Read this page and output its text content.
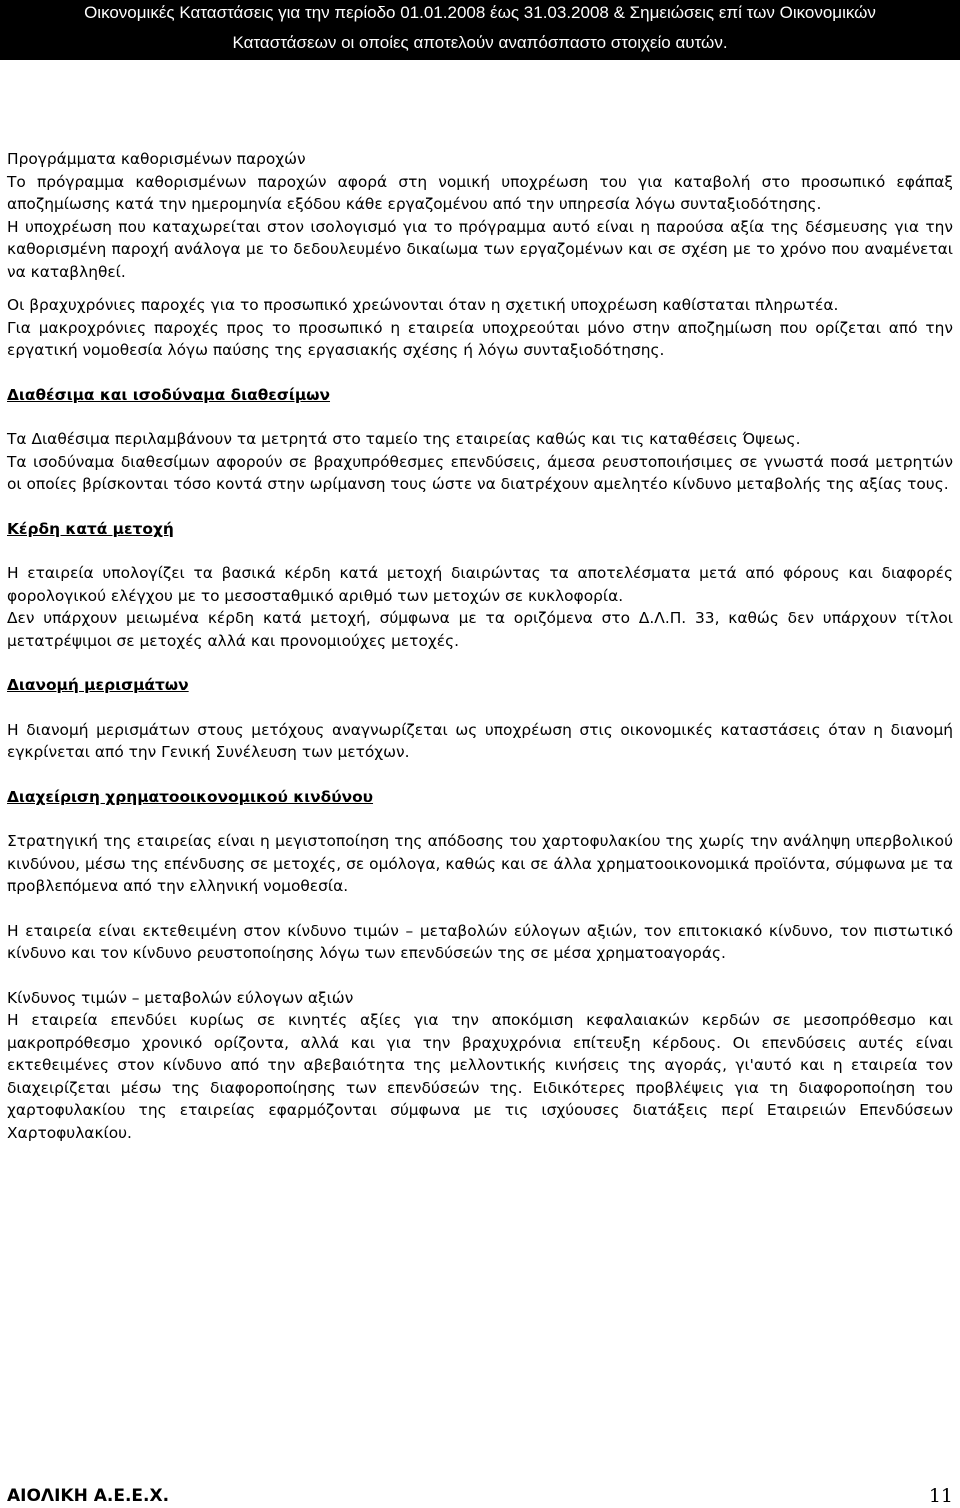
Οικονομικές Καταστάσεις για την περίοδο 01.01.2008 έως 31.03.2008 & Σημειώσεις επί των Οικονομικών
Καταστάσεων οι οποίες αποτελούν αναπόσπαστο στοιχείο αυτών.

Προγράμματα καθορισμένων παροχών

Το πρόγραμμα καθορισμένων παροχών αφορά στη νομική υποχρέωση του για καταβολή στο προσωπικό εφάπαξ αποζημίωσης κατά την ημερομηνία εξόδου κάθε εργαζομένου από την υπηρεσία λόγω συνταξιοδότησης.

Η υποχρέωση που καταχωρείται στον ισολογισμό για το πρόγραμμα αυτό είναι η παρούσα αξία της δέσμευσης για την καθορισμένη παροχή ανάλογα με το δεδουλευμένο δικαίωμα των εργαζομένων και σε σχέση με το χρόνο που αναμένεται να καταβληθεί.

Οι βραχυχρόνιες παροχές για το προσωπικό χρεώνονται όταν η σχετική υποχρέωση καθίσταται πληρωτέα.

Για μακροχρόνιες παροχές προς το προσωπικό η εταιρεία υποχρεούται μόνο στην αποζημίωση που ορίζεται από την εργατική νομοθεσία λόγω παύσης της εργασιακής σχέσης ή λόγω συνταξιοδότησης.

Διαθέσιμα και ισοδύναμα διαθεσίμων

Τα Διαθέσιμα περιλαμβάνουν τα μετρητά στο ταμείο της εταιρείας καθώς και τις καταθέσεις Όψεως.

Τα ισοδύναμα διαθεσίμων αφορούν σε βραχυπρόθεσμες επενδύσεις, άμεσα ρευστοποιήσιμες σε γνωστά ποσά μετρητών οι οποίες βρίσκονται τόσο κοντά στην ωρίμανση τους ώστε να διατρέχουν αμελητέο κίνδυνο μεταβολής της αξίας τους.

Κέρδη κατά μετοχή

Η εταιρεία υπολογίζει τα βασικά κέρδη κατά μετοχή διαιρώντας τα αποτελέσματα μετά από φόρους και διαφορές φορολογικού ελέγχου με το μεσοσταθμικό αριθμό των μετοχών σε κυκλοφορία.

Δεν υπάρχουν μειωμένα κέρδη κατά μετοχή, σύμφωνα με τα οριζόμενα στο Δ.Λ.Π. 33, καθώς δεν υπάρχουν τίτλοι μετατρέψιμοι σε μετοχές αλλά και προνομιούχες μετοχές.

Διανομή μερισμάτων

Η διανομή μερισμάτων στους μετόχους αναγνωρίζεται ως υποχρέωση στις οικονομικές καταστάσεις όταν η διανομή εγκρίνεται από την Γενική Συνέλευση των μετόχων.

Διαχείριση χρηματοοικονομικού κινδύνου

Στρατηγική της εταιρείας είναι η μεγιστοποίηση της απόδοσης του χαρτοφυλακίου της χωρίς την ανάληψη υπερβολικού κινδύνου, μέσω της επένδυσης σε μετοχές, σε ομόλογα, καθώς και σε άλλα χρηματοοικονομικά προϊόντα, σύμφωνα με τα προβλεπόμενα από την ελληνική νομοθεσία.

Η εταιρεία είναι εκτεθειμένη στον κίνδυνο τιμών – μεταβολών εύλογων αξιών, τον επιτοκιακό κίνδυνο, τον πιστωτικό κίνδυνο και τον κίνδυνο ρευστοποίησης λόγω των επενδύσεών της σε μέσα χρηματοαγοράς.

Κίνδυνος τιμών – μεταβολών εύλογων αξιών

Η εταιρεία επενδύει κυρίως σε κινητές αξίες για την αποκόμιση κεφαλαιακών κερδών σε μεσοπρόθεσμο και μακροπρόθεσμο χρονικό ορίζοντα, αλλά και για την βραχυχρόνια επίτευξη κέρδους. Οι επενδύσεις αυτές είναι εκτεθειμένες στον κίνδυνο από την αβεβαιότητα της μελλοντικής κινήσεις της αγοράς, γι'αυτό και η εταιρεία τον διαχειρίζεται μέσω της διαφοροποίησης των επενδύσεών της. Ειδικότερες προβλέψεις για τη διαφοροποίηση του χαρτοφυλακίου της εταιρείας εφαρμόζονται σύμφωνα με τις ισχύουσες διατάξεις περί Εταιρειών Επενδύσεων Χαρτοφυλακίου.

ΑΙΟΛΙΚΗ Α.Ε.Ε.Χ.	11
